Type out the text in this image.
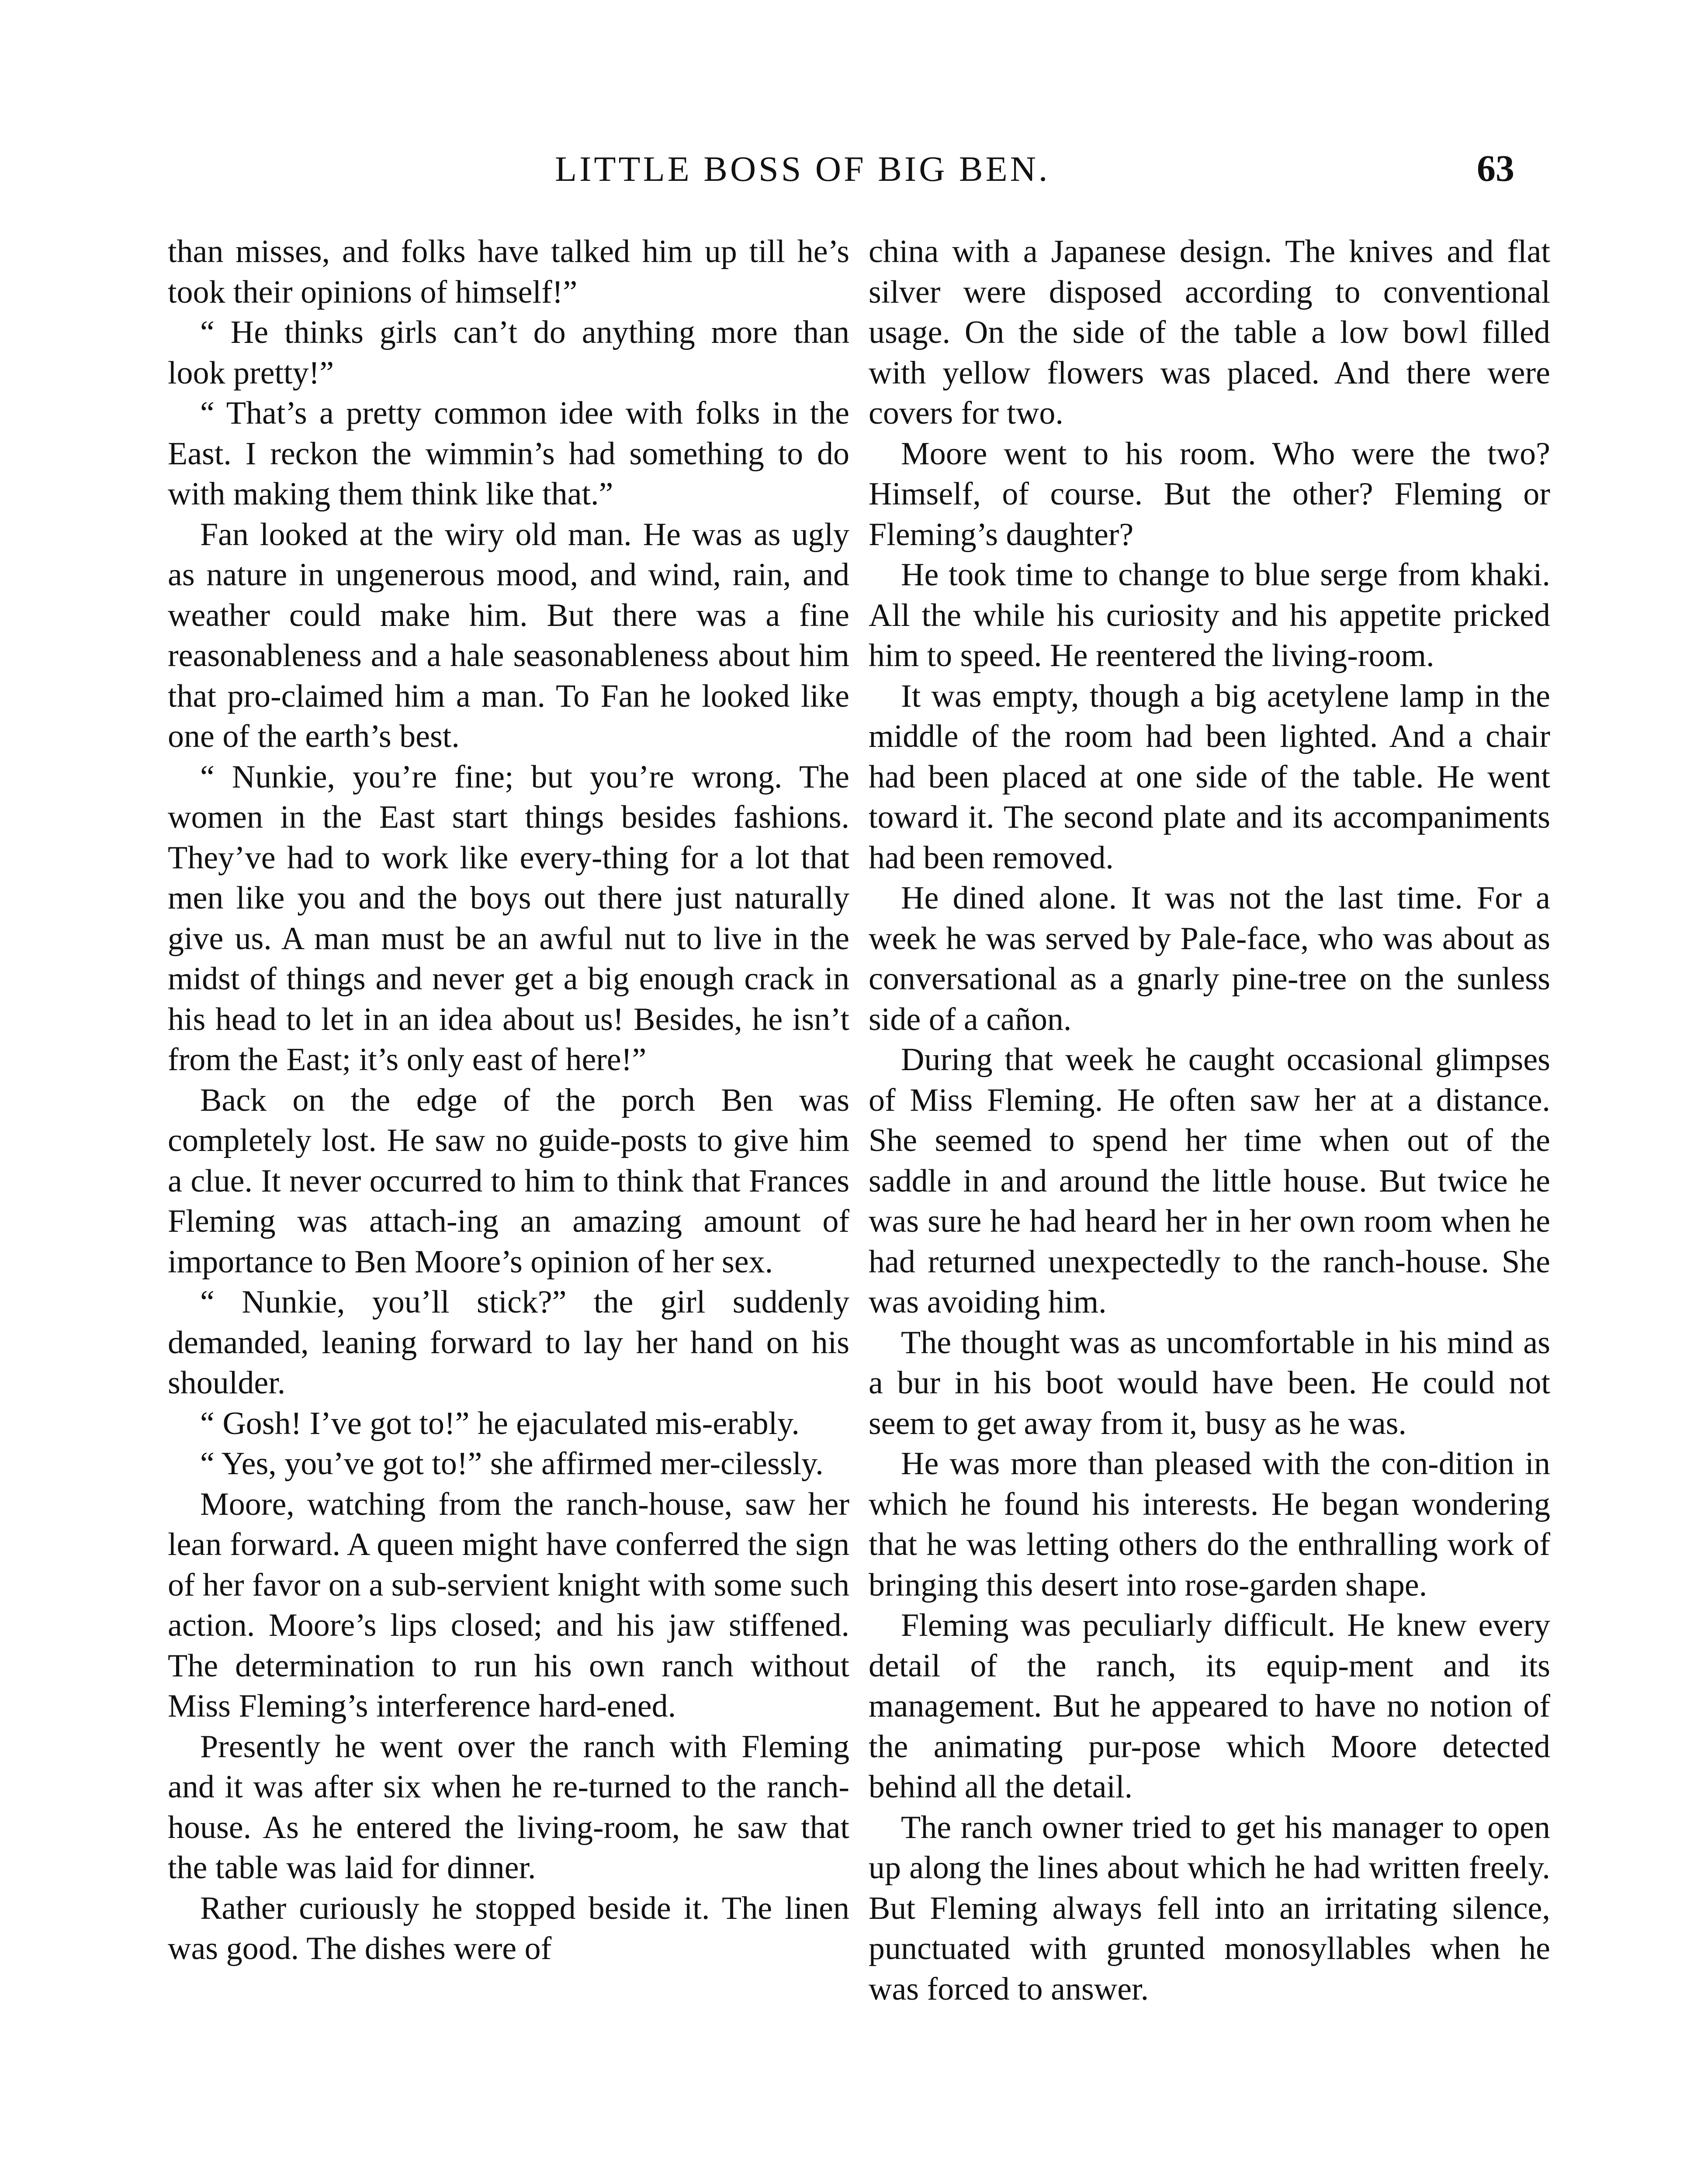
LITTLE BOSS OF BIG BEN.	63

than misses, and folks have talked him up till he’s took their opinions of himself!”

“ He thinks girls can’t do anything more than look pretty!”

“ That’s a pretty common idee with folks in the East. I reckon the wimmin’s had something to do with making them think like that.”

Fan looked at the wiry old man. He was as ugly as nature in ungenerous mood, and wind, rain, and weather could make him. But there was a fine reasonableness and a hale seasonableness about him that pro-claimed him a man. To Fan he looked like one of the earth’s best.

“ Nunkie, you’re fine; but you’re wrong. The women in the East start things besides fashions. They’ve had to work like every-thing for a lot that men like you and the boys out there just naturally give us. A man must be an awful nut to live in the midst of things and never get a big enough crack in his head to let in an idea about us! Besides, he isn’t from the East; it’s only east of here!”

Back on the edge of the porch Ben was completely lost. He saw no guide-posts to give him a clue. It never occurred to him to think that Frances Fleming was attach-ing an amazing amount of importance to Ben Moore’s opinion of her sex.

“ Nunkie, you’ll stick?” the girl suddenly demanded, leaning forward to lay her hand on his shoulder.

“ Gosh! I’ve got to!” he ejaculated mis-erably.

“ Yes, you’ve got to!” she affirmed mer-cilessly.

Moore, watching from the ranch-house, saw her lean forward. A queen might have conferred the sign of her favor on a sub-servient knight with some such action. Moore’s lips closed; and his jaw stiffened. The determination to run his own ranch without Miss Fleming’s interference hard-ened.

Presently he went over the ranch with Fleming and it was after six when he re-turned to the ranch-house. As he entered the living-room, he saw that the table was laid for dinner.

Rather curiously he stopped beside it. The linen was good. The dishes were of

china with a Japanese design. The knives and flat silver were disposed according to conventional usage. On the side of the table a low bowl filled with yellow flowers was placed. And there were covers for two.

Moore went to his room. Who were the two? Himself, of course. But the other? Fleming or Fleming’s daughter?

He took time to change to blue serge from khaki. All the while his curiosity and his appetite pricked him to speed. He reentered the living-room.

It was empty, though a big acetylene lamp in the middle of the room had been lighted. And a chair had been placed at one side of the table. He went toward it. The second plate and its accompaniments had been removed.

He dined alone. It was not the last time. For a week he was served by Pale-face, who was about as conversational as a gnarly pine-tree on the sunless side of a cañon.

During that week he caught occasional glimpses of Miss Fleming. He often saw her at a distance. She seemed to spend her time when out of the saddle in and around the little house. But twice he was sure he had heard her in her own room when he had returned unexpectedly to the ranch-house. She was avoiding him.

The thought was as uncomfortable in his mind as a bur in his boot would have been. He could not seem to get away from it, busy as he was.

He was more than pleased with the con-dition in which he found his interests. He began wondering that he was letting others do the enthralling work of bringing this desert into rose-garden shape.

Fleming was peculiarly difficult. He knew every detail of the ranch, its equip-ment and its management. But he appeared to have no notion of the animating pur-pose which Moore detected behind all the detail.

The ranch owner tried to get his manager to open up along the lines about which he had written freely. But Fleming always fell into an irritating silence, punctuated with grunted monosyllables when he was forced to answer.
